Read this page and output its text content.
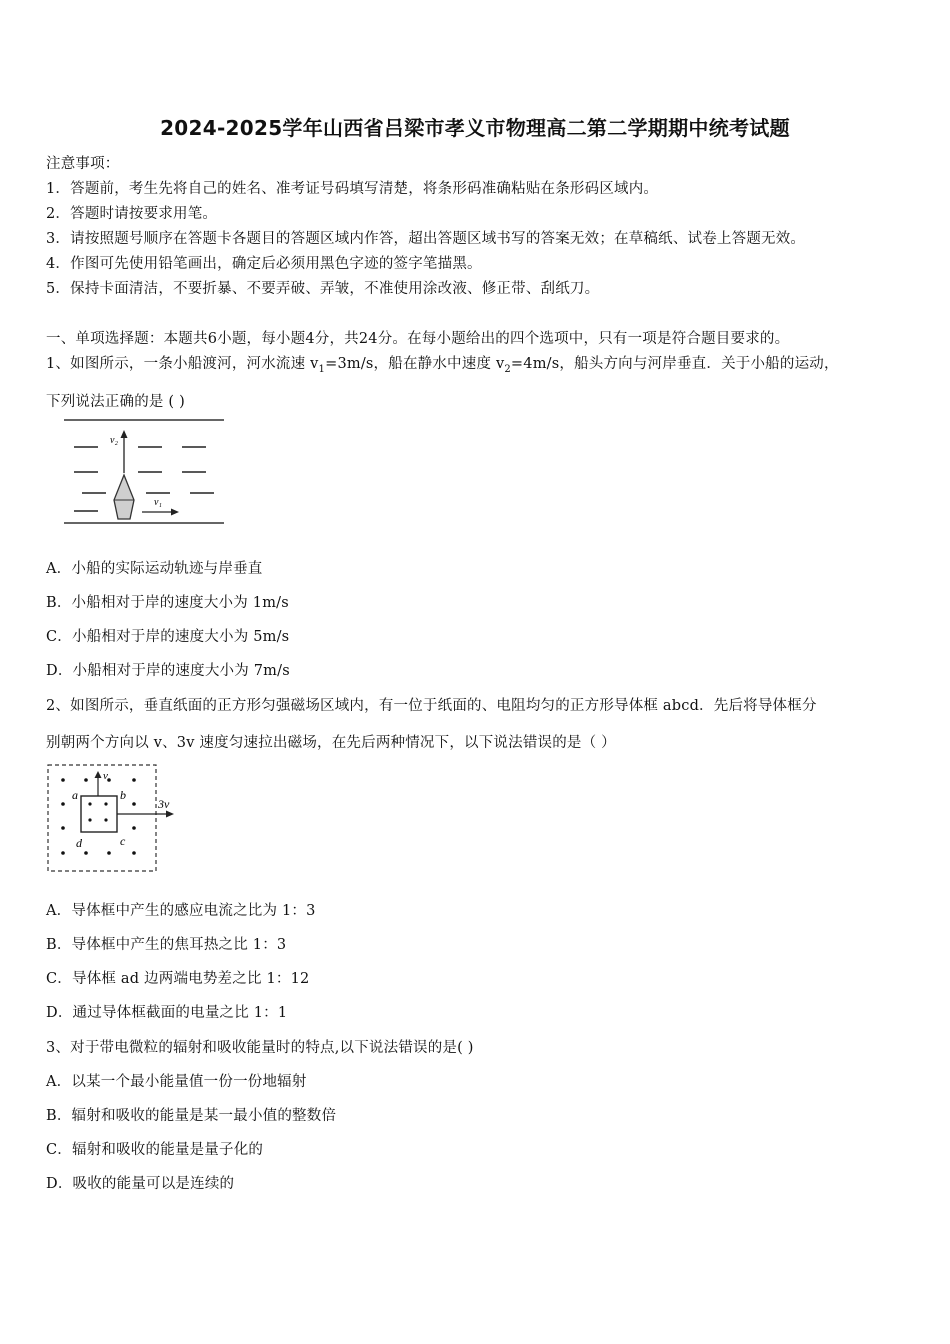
2024-2025学年山西省吕梁市孝义市物理高二第二学期期中统考试题
注意事项：
1．答题前，考生先将自己的姓名、准考证号码填写清楚，将条形码准确粘贴在条形码区域内。
2．答题时请按要求用笔。
3．请按照题号顺序在答题卡各题目的答题区域内作答，超出答题区域书写的答案无效；在草稿纸、试卷上答题无效。
4．作图可先使用铅笔画出，确定后必须用黑色字迹的签字笔描黑。
5．保持卡面清洁，不要折暴、不要弄破、弄皱，不准使用涂改液、修正带、刮纸刀。
一、单项选择题：本题共6小题，每小题4分，共24分。在每小题给出的四个选项中，只有一项是符合题目要求的。
1、如图所示，一条小船渡河，河水流速 $v_1=3m/s$，船在静水中速度 $v_2=4m/s$，船头方向与河岸垂直．关于小船的运动，
下列说法正确的是 ( )
v₂
v₁
A．小船的实际运动轨迹与岸垂直
B．小船相对于岸的速度大小为 1m/s
C．小船相对于岸的速度大小为 5m/s
D．小船相对于岸的速度大小为 7m/s
2、如图所示，垂直纸面的正方形匀强磁场区域内，有一位于纸面的、电阻均匀的正方形导体框 abcd．先后将导体框分
别朝两个方向以 v、3v 速度匀速拉出磁场，在先后两种情况下，以下说法错误的是（ ）
v
3v
a	b
c
d
A．导体框中产生的感应电流之比为 1：3
B．导体框中产生的焦耳热之比 1：3
C．导体框 ad 边两端电势差之比 1：12
D．通过导体框截面的电量之比 1：1
3、对于带电微粒的辐射和吸收能量时的特点,以下说法错误的是( )
A．以某一个最小能量值一份一份地辐射
B．辐射和吸收的能量是某一最小值的整数倍
C．辐射和吸收的能量是量子化的
D．吸收的能量可以是连续的
